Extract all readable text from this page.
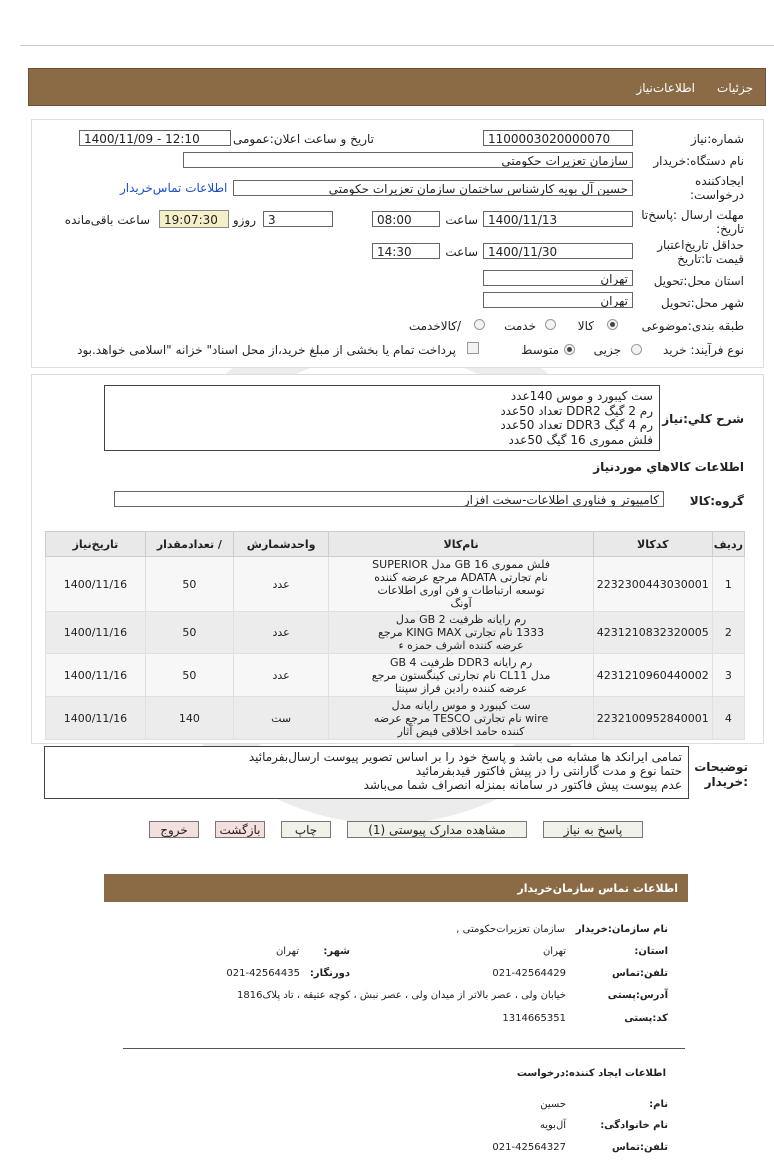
جزئیات
اطلاعات‌نیاز
شماره:نیاز
1100003020000070
تاریخ و ساعت اعلان:عمومی
1400/11/09 - 12:10
نام دستگاه:خریدار
سازمان تعزیرات حکومتی
ایجادکننده
درخواست:
حسین آل بویه کارشناس ساختمان سازمان تعزیرات حکومتی
اطلاعات تماس‌خریدار
مهلت ارسال :پاسخ‌تا
تاریخ:
1400/11/13
ساعت
08:00
3
روزو
19:07:30
ساعت باقی‌مانده
حداقل تاریخ‌اعتبار
قیمت تا:تاریخ
1400/11/30
ساعت
14:30
استان محل:تحویل
تهران
شهر محل:تحویل
تهران
طبقه بندی:موضوعی
کالا
خدمت
/کالاخدمت
نوع فرآیند: خرید
جزیی
متوسط
پرداخت تمام یا بخشی از مبلغ خرید،از محل اسناد" خزانه "اسلامی خواهد.بود
شرح کلي:نياز
ست کیبورد و موس 140عدد
رم 2 گیگ DDR2 تعداد 50عدد
رم 4 گیگ DDR3 تعداد 50عدد
فلش مموری 16 گیگ 50عدد
اطلاعات کالاهاي موردنياز
گروه:کالا
کامپیوتر و فناوری اطلاعات-سخت افزار
ردیف	کدکالا	نام‌کالا	واحدشمارش	/ تعدادمقدار	تاریخ‌نیاز
1	2232300443030001	فلش مموری 16 GB مدل SUPERIOR
نام تجارتی ADATA مرجع عرضه کننده
توسعه ارتباطات و فن اوری اطلاعات
آونگ	عدد	50	1400/11/16
2	4231210832320005	رم رایانه ظرفیت 2 GB مدل
1333 نام تجارتی KING MAX مرجع
عرضه کننده اشرف حمزه ء	عدد	50	1400/11/16
3	4231210960440002	رم رایانه DDR3 ظرفیت 4 GB
مدل CL11 نام تجارتی کینگستون مرجع
عرضه کننده رادین فراز سپنتا	عدد	50	1400/11/16
4	2232100952840001	ست کیبورد و موس رایانه مدل
wire نام تجارتی TESCO مرجع عرضه
کننده حامد اخلاقی فیض آثار	ست	140	1400/11/16
توضیحات
:خریدار
تمامی ایرانکد ها مشابه می باشد و پاسخ خود را بر اساس تصویر پیوست ارسال‌بفرمائید
حتما نوع و مدت گارانتی را در پیش فاکتور قیدبفرمائید
عدم پیوست پیش فاکتور در سامانه بمنزله انصراف شما می‌باشد
پاسخ به نیاز
مشاهده مدارک پیوستی (1)
چاپ
بازگشت
خروج
اطلاعات تماس سازمان‌خریدار
نام سازمان:خریدار
سازمان تعزیرات‌حکومتی ,
استان:
تهران
شهر:
تهران
تلفن:تماس
021-42564429
دورنگار:
021-42564435
آدرس:پستی
خیابان ولی ، عصر بالاتر از میدان ولی ، عصر نبش ، کوچه عتیقه ، تاد پلاک1816
کد:پستی
1314665351
اطلاعات ایجاد کننده:درخواست
نام:
حسین
نام خانوادگی:
آل‌بویه
تلفن:تماس
021-42564327
